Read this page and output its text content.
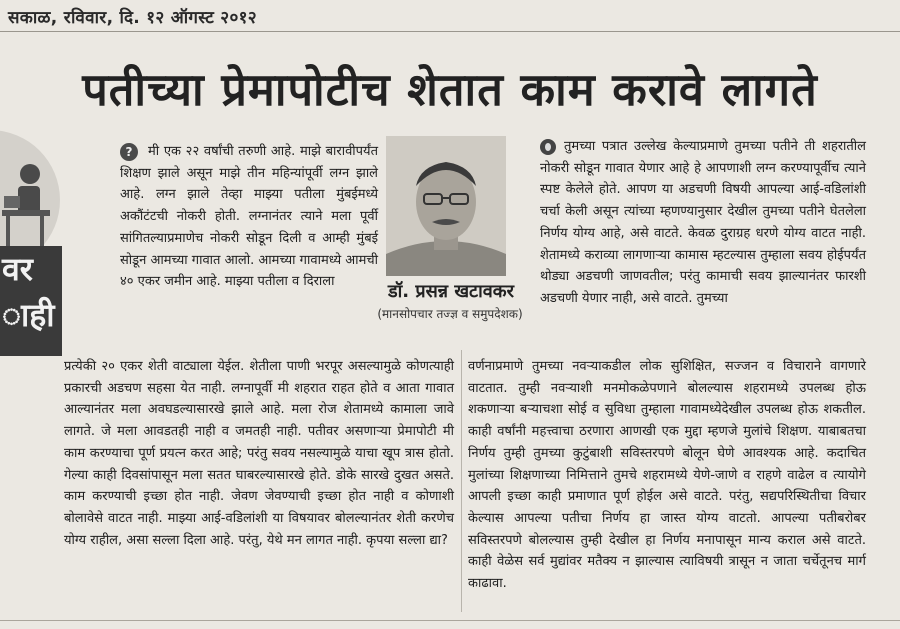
सकाळ, रविवार, दि. १२ ऑगस्ट २०१२
पतीच्या प्रेमापोटीच शेतात काम करावे लागते
वर
ाही

? मी एक २२ वर्षांची तरुणी आहे. माझे बारावीपर्यंत शिक्षण झाले असून माझे तीन महिन्यांपूर्वी लग्न झाले आहे. लग्न झाले तेव्हा माझ्या पतीला मुंबईमध्ये अकौंटंटची नोकरी होती. लग्नानंतर त्याने मला पूर्वी सांगितल्याप्रमाणेच नोकरी सोडून दिली व आम्ही मुंबई सोडून आमच्या गावात आलो. आमच्या गावामध्ये आमची ४० एकर जमीन आहे. माझ्या पतीला व दिराला	डॉ. प्रसन्न खटावकर
(मानसोपचार तज्ज्ञ व समुपदेशक)

तुमच्या पत्रात उल्लेख केल्याप्रमाणे तुमच्या पतीने ती शहरातील नोकरी सोडून गावात येणार आहे हे आपणाशी लग्न करण्यापूर्वीच त्याने स्पष्ट केलेले होते. आपण या अडचणी विषयी आपल्या आई-वडिलांशी चर्चा केली असून त्यांच्या म्हणण्यानुसार देखील तुमच्या पतीने घेतलेला निर्णय योग्य आहे, असे वाटते. केवळ दुराग्रह धरणे योग्य वाटत नाही. शेतामध्ये कराव्या लागणाऱ्या कामास म्हटल्यास तुम्हाला सवय होईपर्यंत थोड्या अडचणी जाणवतील; परंतु कामाची सवय झाल्यानंतर फारशी अडचणी येणार नाही, असे वाटते. तुमच्या

प्रत्येकी २० एकर शेती वाट्याला येईल. शेतीला पाणी भरपूर असल्यामुळे कोणत्याही प्रकारची अडचण सहसा येत नाही. लग्नापूर्वी मी शहरात राहत होते व आता गावात आल्यानंतर मला अवघडल्यासारखे झाले आहे. मला रोज शेतामध्ये कामाला जावे लागते. जे मला आवडतही नाही व जमतही नाही. पतीवर असणाऱ्या प्रेमापोटी मी काम करण्याचा पूर्ण प्रयत्न करत आहे; परंतु सवय नसल्यामुळे याचा खूप त्रास होतो. गेल्या काही दिवसांपासून मला सतत घाबरल्यासारखे होते. डोके सारखे दुखत असते. काम करण्याची इच्छा होत नाही. जेवण जेवण्याची इच्छा होत नाही व कोणाशी बोलावेसे वाटत नाही. माझ्या आई-वडिलांशी या विषयावर बोलल्यानंतर शेती करणेच योग्य राहील, असा सल्ला दिला आहे. परंतु, येथे मन लागत नाही. कृपया सल्ला द्या?

वर्णनाप्रमाणे तुमच्या नवऱ्याकडील लोक सुशिक्षित, सज्जन व विचाराने वागणारे वाटतात. तुम्ही नवऱ्याशी मनमोकळेपणाने बोलल्यास शहरामध्ये उपलब्ध होऊ शकणाऱ्या बऱ्याचशा सोई व सुविधा तुम्हाला गावामध्येदेखील उपलब्ध होऊ शकतील. काही वर्षांनी महत्त्वाचा ठरणारा आणखी एक मुद्दा म्हणजे मुलांचे शिक्षण. याबाबतचा निर्णय तुम्ही तुमच्या कुटुंबाशी सविस्तरपणे बोलून घेणे आवश्यक आहे. कदाचित मुलांच्या शिक्षणाच्या निमित्ताने तुमचे शहरामध्ये येणे-जाणे व राहणे वाढेल व त्यायोगे आपली इच्छा काही प्रमाणात पूर्ण होईल असे वाटते. परंतु, सद्यपरिस्थितीचा विचार केल्यास आपल्या पतीचा निर्णय हा जास्त योग्य वाटतो. आपल्या पतीबरोबर सविस्तरपणे बोलल्यास तुम्ही देखील हा निर्णय मनापासून मान्य कराल असे वाटते. काही वेळेस सर्व मुद्यांवर मतैक्य न झाल्यास त्याविषयी त्रासून न जाता चर्चेतूनच मार्ग काढावा.
